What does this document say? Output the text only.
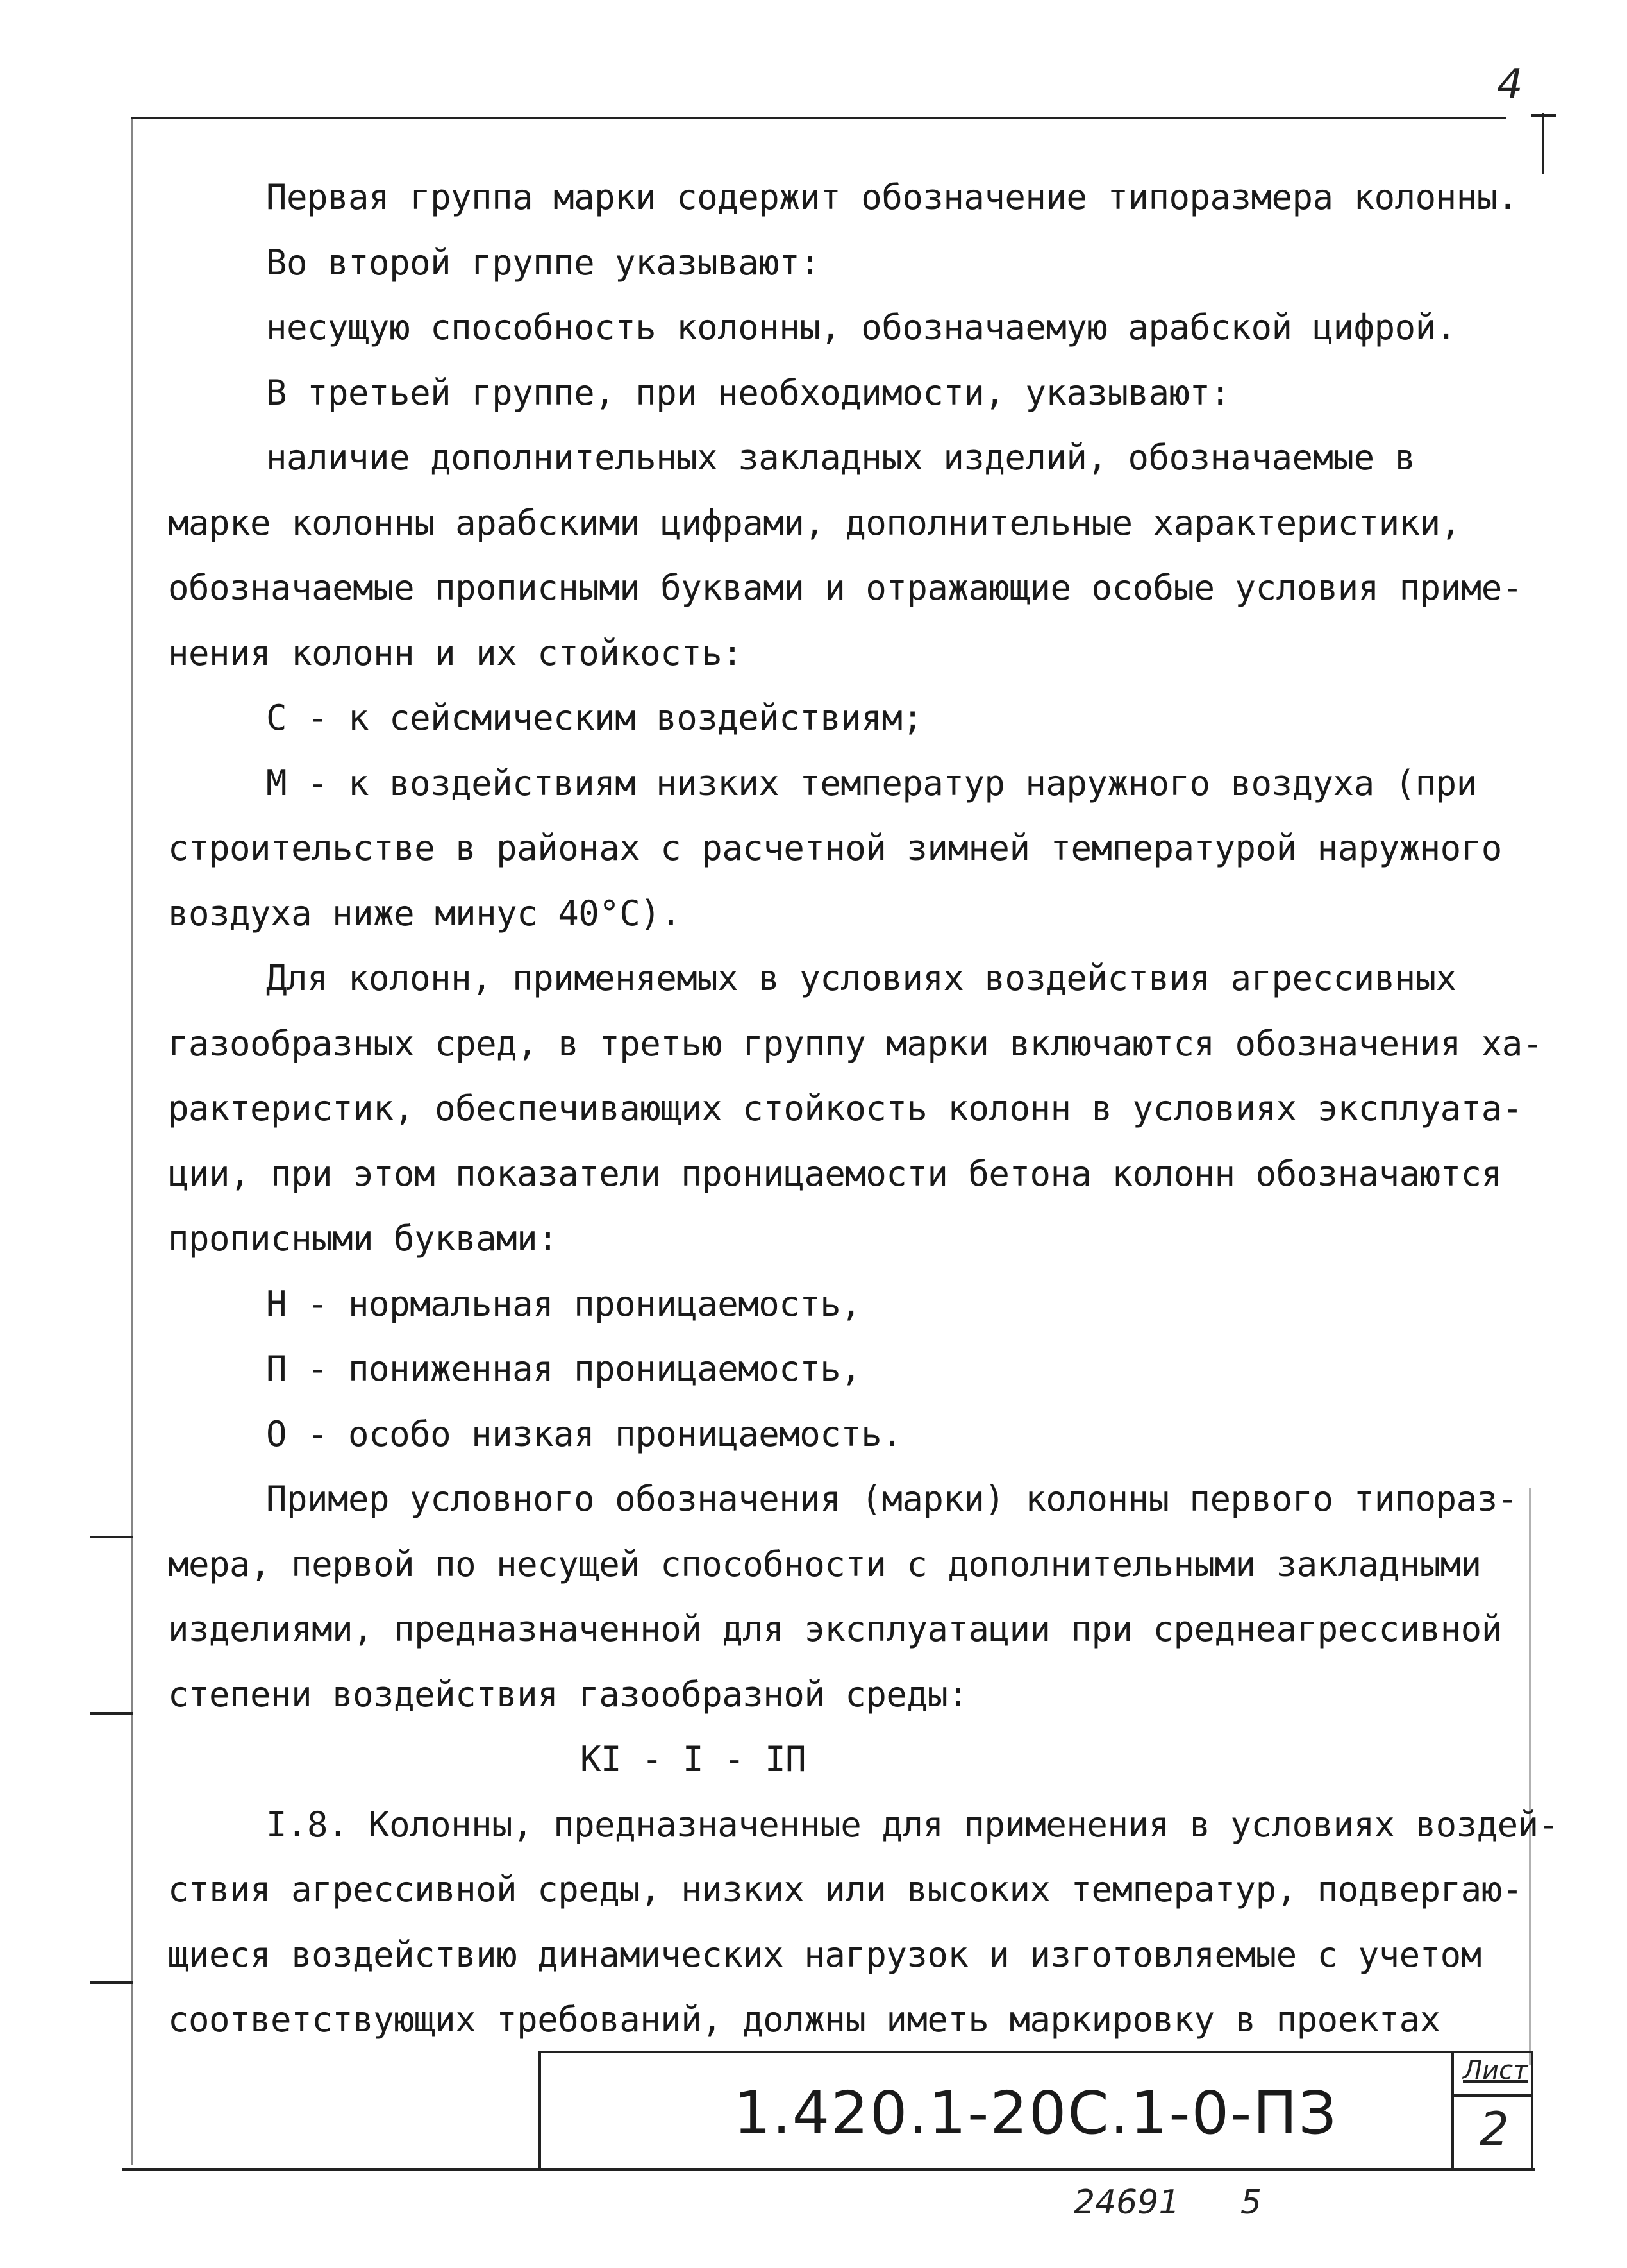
4
Первая группа марки содержит обозначение типоразмера колонны.
Во второй группе указывают:
несущую способность колонны, обозначаемую арабской цифрой.
В третьей группе, при необходимости, указывают:
наличие дополнительных закладных изделий, обозначаемые в
марке колонны арабскими цифрами, дополнительные характеристики,
обозначаемые прописными буквами и отражающие особые условия приме-
нения колонн и их стойкость:
С - к сейсмическим воздействиям;
М - к воздействиям низких температур наружного воздуха (при
строительстве в районах с расчетной зимней температурой наружного
воздуха ниже минус 40°С).
Для колонн, применяемых в условиях воздействия агрессивных
газообразных сред, в третью группу марки включаются обозначения ха-
рактеристик, обеспечивающих стойкость колонн в условиях эксплуата-
ции, при этом показатели проницаемости бетона колонн обозначаются
прописными буквами:
Н - нормальная проницаемость,
П - пониженная проницаемость,
О - особо низкая проницаемость.
Пример условного обозначения (марки) колонны первого типораз-
мера, первой по несущей способности с дополнительными закладными
изделиями, предназначенной для эксплуатации при среднеагрессивной
степени воздействия газообразной среды:
КI - I - IП
I.8. Колонны, предназначенные для применения в условиях воздей-
ствия агрессивной среды, низких или высоких температур, подвергаю-
щиеся воздействию динамических нагрузок и изготовляемые с учетом
соответствующих требований, должны иметь маркировку в проектах
1.420.1-20С.1-0-ПЗ
Лист
2
24691 5
